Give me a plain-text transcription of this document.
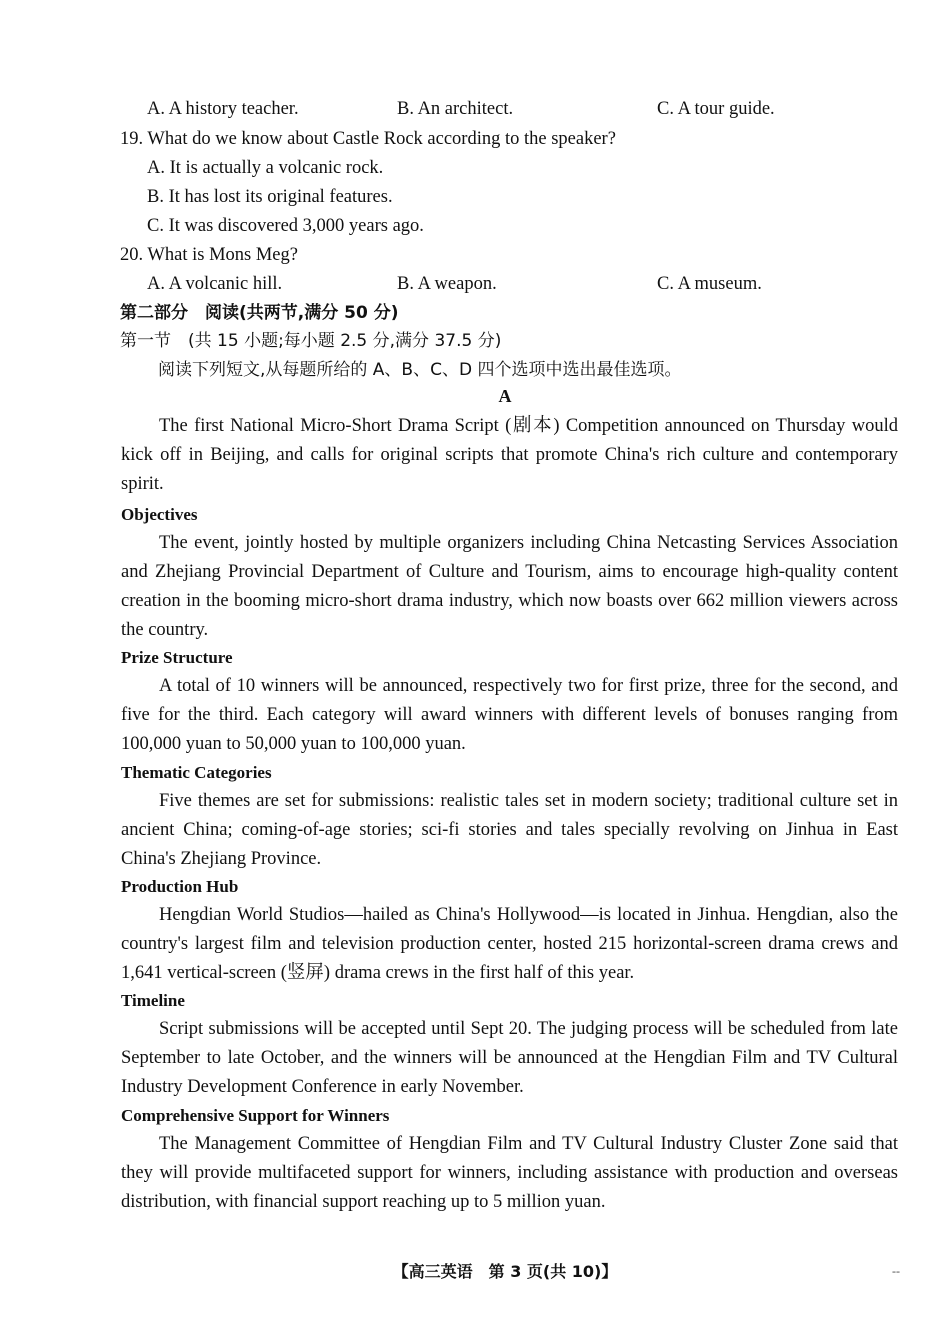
A. A history teacher.	B. An architect.	C. A tour guide.
19. What do we know about Castle Rock according to the speaker?
A. It is actually a volcanic rock.
B. It has lost its original features.
C. It was discovered 3,000 years ago.
20. What is Mons Meg?
A. A volcanic hill.	B. A weapon.	C. A museum.
第二部分　阅读(共两节,满分 50 分)
第一节　(共 15 小题;每小题 2.5 分,满分 37.5 分)
阅读下列短文,从每题所给的 A、B、C、D 四个选项中选出最佳选项。
A
The first National Micro-Short Drama Script (剧本) Competition announced on Thursday would kick off in Beijing, and calls for original scripts that promote China's rich culture and contemporary spirit.
Objectives
The event, jointly hosted by multiple organizers including China Netcasting Services Association and Zhejiang Provincial Department of Culture and Tourism, aims to encourage high-quality content creation in the booming micro-short drama industry, which now boasts over 662 million viewers across the country.
Prize Structure
A total of 10 winners will be announced, respectively two for first prize, three for the second, and five for the third. Each category will award winners with different levels of bonuses ranging from 100,000 yuan to 50,000 yuan to 100,000 yuan.
Thematic Categories
Five themes are set for submissions: realistic tales set in modern society; traditional culture set in ancient China; coming-of-age stories; sci-fi stories and tales specially revolving on Jinhua in East China's Zhejiang Province.
Production Hub
Hengdian World Studios—hailed as China's Hollywood—is located in Jinhua. Hengdian, also the country's largest film and television production center, hosted 215 horizontal-screen drama crews and 1,641 vertical-screen (竖屏) drama crews in the first half of this year.
Timeline
Script submissions will be accepted until Sept 20. The judging process will be scheduled from late September to late October, and the winners will be announced at the Hengdian Film and TV Cultural Industry Development Conference in early November.
Comprehensive Support for Winners
The Management Committee of Hengdian Film and TV Cultural Industry Cluster Zone said that they will provide multifaceted support for winners, including assistance with production and overseas distribution, with financial support reaching up to 5 million yuan.
【高三英语　第 3 页(共 10)】	--
